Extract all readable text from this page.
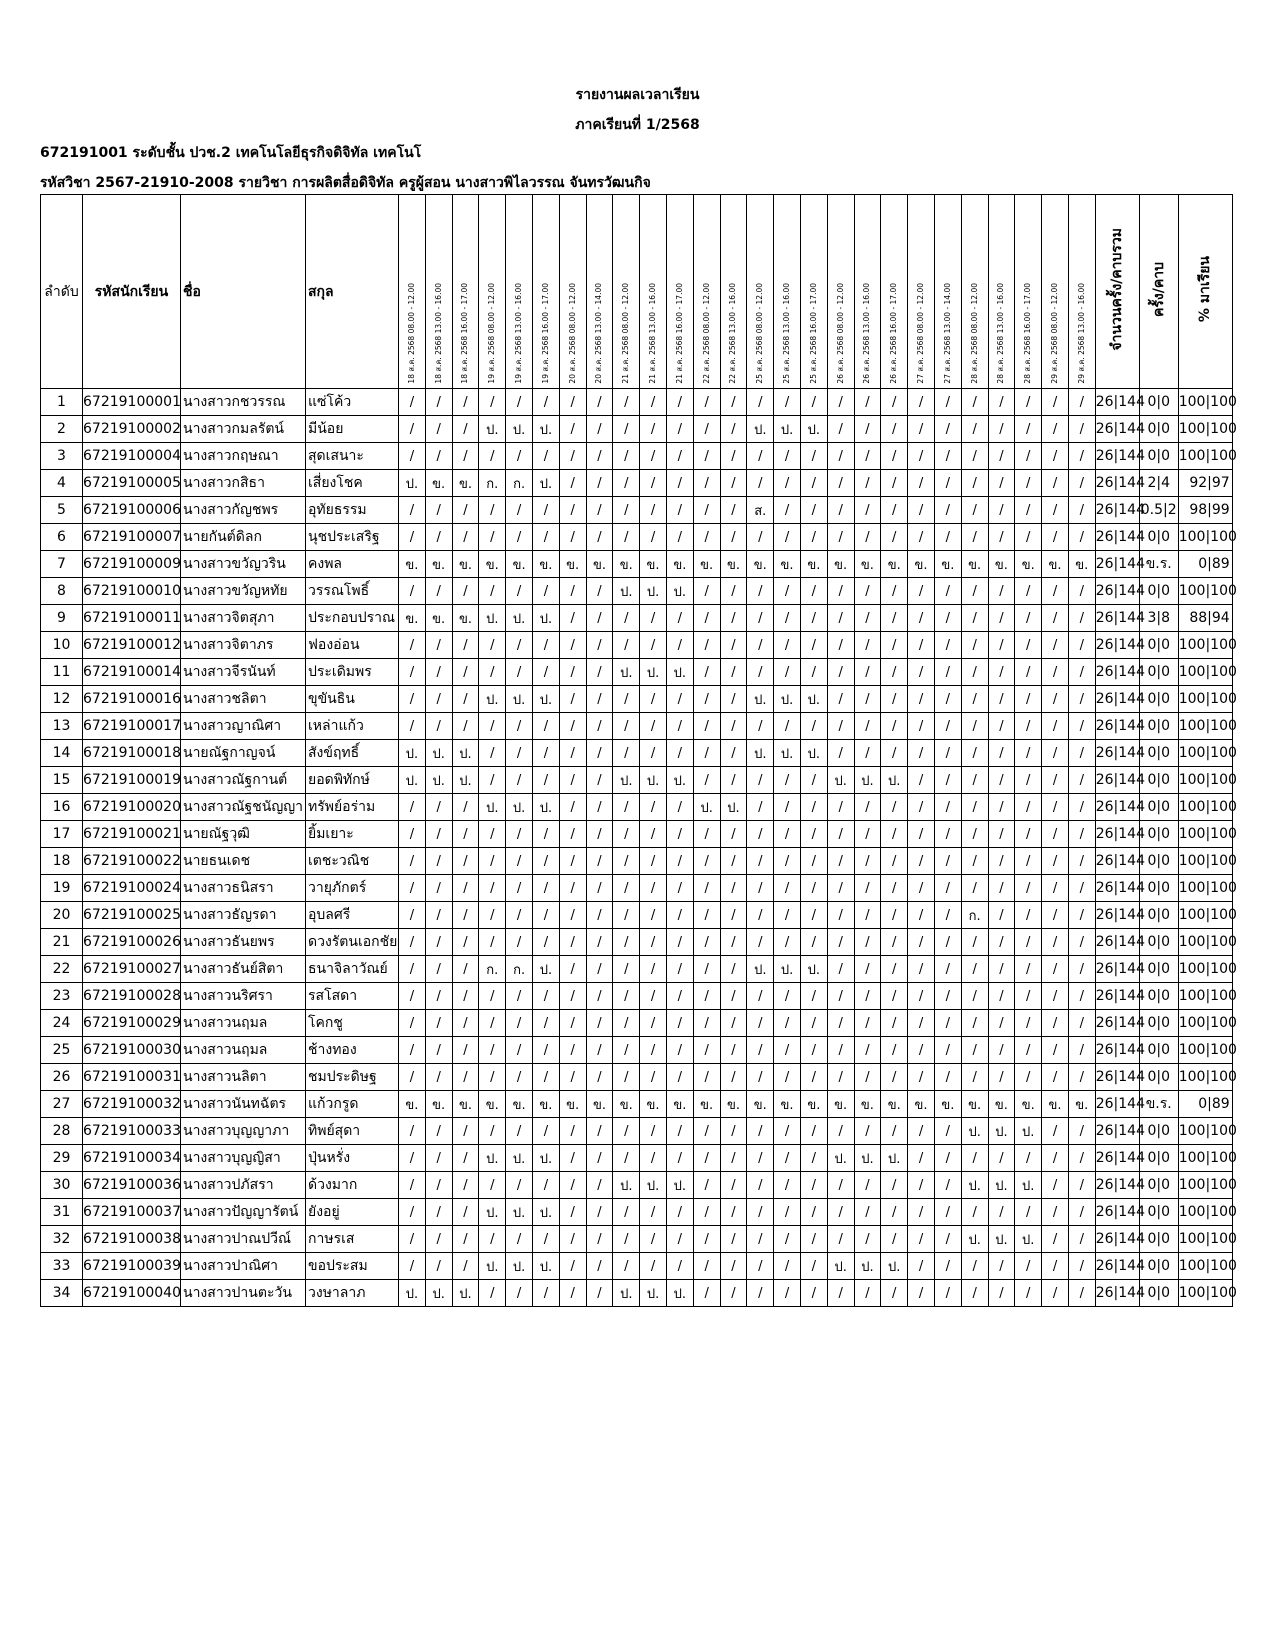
รายงานผลเวลาเรียน
ภาคเรียนที่ 1/2568
672191001 ระดับชั้น ปวช.2 เทคโนโลยีธุรกิจดิจิทัล เทคโนโ
รหัสวิชา 2567-21910-2008 รายวิชา การผลิตสื่อดิจิทัล ครูผู้สอน นางสาวพิไลวรรณ จันทรวัฒนกิจ
ลำดับ	รหัสนักเรียน	ชื่อ	สกุล	18 ส.ค. 2568 08.00 - 12.00	18 ส.ค. 2568 13.00 - 16.00	18 ส.ค. 2568 16.00 - 17.00	19 ส.ค. 2568 08.00 - 12.00	19 ส.ค. 2568 13.00 - 16.00	19 ส.ค. 2568 16.00 - 17.00	20 ส.ค. 2568 08.00 - 12.00	20 ส.ค. 2568 13.00 - 14.00	21 ส.ค. 2568 08.00 - 12.00	21 ส.ค. 2568 13.00 - 16.00	21 ส.ค. 2568 16.00 - 17.00	22 ส.ค. 2568 08.00 - 12.00	22 ส.ค. 2568 13.00 - 16.00	25 ส.ค. 2568 08.00 - 12.00	25 ส.ค. 2568 13.00 - 16.00	25 ส.ค. 2568 16.00 - 17.00	26 ส.ค. 2568 08.00 - 12.00	26 ส.ค. 2568 13.00 - 16.00	26 ส.ค. 2568 16.00 - 17.00	27 ส.ค. 2568 08.00 - 12.00	27 ส.ค. 2568 13.00 - 14.00	28 ส.ค. 2568 08.00 - 12.00	28 ส.ค. 2568 13.00 - 16.00	28 ส.ค. 2568 16.00 - 17.00	29 ส.ค. 2568 08.00 - 12.00	29 ส.ค. 2568 13.00 - 16.00	จำนวนครั้ง/คาบรวม	ครั้ง/คาบ	% มาเรียน
1	67219100001	นางสาวกชวรรณ	แซ่โค้ว	/	/	/	/	/	/	/	/	/	/	/	/	/	/	/	/	/	/	/	/	/	/	/	/	/	/	26|144	0|0	100|100
2	67219100002	นางสาวกมลรัตน์	มีน้อย	/	/	/	ป.	ป.	ป.	/	/	/	/	/	/	/	ป.	ป.	ป.	/	/	/	/	/	/	/	/	/	/	26|144	0|0	100|100
3	67219100004	นางสาวกฤษณา	สุดเสนาะ	/	/	/	/	/	/	/	/	/	/	/	/	/	/	/	/	/	/	/	/	/	/	/	/	/	/	26|144	0|0	100|100
4	67219100005	นางสาวกสิธา	เสี่ยงโชค	ป.	ข.	ข.	ก.	ก.	ป.	/	/	/	/	/	/	/	/	/	/	/	/	/	/	/	/	/	/	/	/	26|144	2|4	92|97
5	67219100006	นางสาวกัญชพร	อุทัยธรรม	/	/	/	/	/	/	/	/	/	/	/	/	/	ส.	/	/	/	/	/	/	/	/	/	/	/	/	26|144	0.5|2	98|99
6	67219100007	นายกันต์ดิลก	นุชประเสริฐ	/	/	/	/	/	/	/	/	/	/	/	/	/	/	/	/	/	/	/	/	/	/	/	/	/	/	26|144	0|0	100|100
7	67219100009	นางสาวขวัญวริน	คงพล	ข.	ข.	ข.	ข.	ข.	ข.	ข.	ข.	ข.	ข.	ข.	ข.	ข.	ข.	ข.	ข.	ข.	ข.	ข.	ข.	ข.	ข.	ข.	ข.	ข.	ข.	26|144	ข.ร.	0|89
8	67219100010	นางสาวขวัญหทัย	วรรณโพธิ์	/	/	/	/	/	/	/	/	ป.	ป.	ป.	/	/	/	/	/	/	/	/	/	/	/	/	/	/	/	26|144	0|0	100|100
9	67219100011	นางสาวจิตสุภา	ประกอบปราณ	ข.	ข.	ข.	ป.	ป.	ป.	/	/	/	/	/	/	/	/	/	/	/	/	/	/	/	/	/	/	/	/	26|144	3|8	88|94
10	67219100012	นางสาวจิตาภร	ฟองอ่อน	/	/	/	/	/	/	/	/	/	/	/	/	/	/	/	/	/	/	/	/	/	/	/	/	/	/	26|144	0|0	100|100
11	67219100014	นางสาวจีรนันท์	ประเดิมพร	/	/	/	/	/	/	/	/	ป.	ป.	ป.	/	/	/	/	/	/	/	/	/	/	/	/	/	/	/	26|144	0|0	100|100
12	67219100016	นางสาวชลิตา	ขุขันธิน	/	/	/	ป.	ป.	ป.	/	/	/	/	/	/	/	ป.	ป.	ป.	/	/	/	/	/	/	/	/	/	/	26|144	0|0	100|100
13	67219100017	นางสาวญาณิศา	เหล่าแก้ว	/	/	/	/	/	/	/	/	/	/	/	/	/	/	/	/	/	/	/	/	/	/	/	/	/	/	26|144	0|0	100|100
14	67219100018	นายณัฐกาญจน์	สังข์ฤทธิ์	ป.	ป.	ป.	/	/	/	/	/	/	/	/	/	/	ป.	ป.	ป.	/	/	/	/	/	/	/	/	/	/	26|144	0|0	100|100
15	67219100019	นางสาวณัฐกานต์	ยอดพิทักษ์	ป.	ป.	ป.	/	/	/	/	/	ป.	ป.	ป.	/	/	/	/	/	ป.	ป.	ป.	/	/	/	/	/	/	/	26|144	0|0	100|100
16	67219100020	นางสาวณัฐชนัญญา	ทรัพย์อร่าม	/	/	/	ป.	ป.	ป.	/	/	/	/	/	ป.	ป.	/	/	/	/	/	/	/	/	/	/	/	/	/	26|144	0|0	100|100
17	67219100021	นายณัฐวุฒิ	ยิ้มเยาะ	/	/	/	/	/	/	/	/	/	/	/	/	/	/	/	/	/	/	/	/	/	/	/	/	/	/	26|144	0|0	100|100
18	67219100022	นายธนเดช	เตชะวณิช	/	/	/	/	/	/	/	/	/	/	/	/	/	/	/	/	/	/	/	/	/	/	/	/	/	/	26|144	0|0	100|100
19	67219100024	นางสาวธนิสรา	วายุภักตร์	/	/	/	/	/	/	/	/	/	/	/	/	/	/	/	/	/	/	/	/	/	/	/	/	/	/	26|144	0|0	100|100
20	67219100025	นางสาวธัญรดา	อุบลศรี	/	/	/	/	/	/	/	/	/	/	/	/	/	/	/	/	/	/	/	/	/	ก.	/	/	/	/	26|144	0|0	100|100
21	67219100026	นางสาวธันยพร	ดวงรัตนเอกชัย	/	/	/	/	/	/	/	/	/	/	/	/	/	/	/	/	/	/	/	/	/	/	/	/	/	/	26|144	0|0	100|100
22	67219100027	นางสาวธันย์สิตา	ธนาจิลาวัณย์	/	/	/	ก.	ก.	ป.	/	/	/	/	/	/	/	ป.	ป.	ป.	/	/	/	/	/	/	/	/	/	/	26|144	0|0	100|100
23	67219100028	นางสาวนริศรา	รสโสดา	/	/	/	/	/	/	/	/	/	/	/	/	/	/	/	/	/	/	/	/	/	/	/	/	/	/	26|144	0|0	100|100
24	67219100029	นางสาวนฤมล	โคกชู	/	/	/	/	/	/	/	/	/	/	/	/	/	/	/	/	/	/	/	/	/	/	/	/	/	/	26|144	0|0	100|100
25	67219100030	นางสาวนฤมล	ช้างทอง	/	/	/	/	/	/	/	/	/	/	/	/	/	/	/	/	/	/	/	/	/	/	/	/	/	/	26|144	0|0	100|100
26	67219100031	นางสาวนลิตา	ชมประดิษฐ	/	/	/	/	/	/	/	/	/	/	/	/	/	/	/	/	/	/	/	/	/	/	/	/	/	/	26|144	0|0	100|100
27	67219100032	นางสาวนันทฉัตร	แก้วกรูด	ข.	ข.	ข.	ข.	ข.	ข.	ข.	ข.	ข.	ข.	ข.	ข.	ข.	ข.	ข.	ข.	ข.	ข.	ข.	ข.	ข.	ข.	ข.	ข.	ข.	ข.	26|144	ข.ร.	0|89
28	67219100033	นางสาวบุญญาภา	ทิพย์สุดา	/	/	/	/	/	/	/	/	/	/	/	/	/	/	/	/	/	/	/	/	/	ป.	ป.	ป.	/	/	26|144	0|0	100|100
29	67219100034	นางสาวบุญญิสา	ปุ่นหรั่ง	/	/	/	ป.	ป.	ป.	/	/	/	/	/	/	/	/	/	/	ป.	ป.	ป.	/	/	/	/	/	/	/	26|144	0|0	100|100
30	67219100036	นางสาวปภัสรา	ด้วงมาก	/	/	/	/	/	/	/	/	ป.	ป.	ป.	/	/	/	/	/	/	/	/	/	/	ป.	ป.	ป.	/	/	26|144	0|0	100|100
31	67219100037	นางสาวปัญญารัตน์	ยังอยู่	/	/	/	ป.	ป.	ป.	/	/	/	/	/	/	/	/	/	/	/	/	/	/	/	/	/	/	/	/	26|144	0|0	100|100
32	67219100038	นางสาวปาณปวีณ์	กาษรเส	/	/	/	/	/	/	/	/	/	/	/	/	/	/	/	/	/	/	/	/	/	ป.	ป.	ป.	/	/	26|144	0|0	100|100
33	67219100039	นางสาวปาณิศา	ขอประสม	/	/	/	ป.	ป.	ป.	/	/	/	/	/	/	/	/	/	/	ป.	ป.	ป.	/	/	/	/	/	/	/	26|144	0|0	100|100
34	67219100040	นางสาวปานตะวัน	วงษาลาภ	ป.	ป.	ป.	/	/	/	/	/	ป.	ป.	ป.	/	/	/	/	/	/	/	/	/	/	/	/	/	/	/	26|144	0|0	100|100
